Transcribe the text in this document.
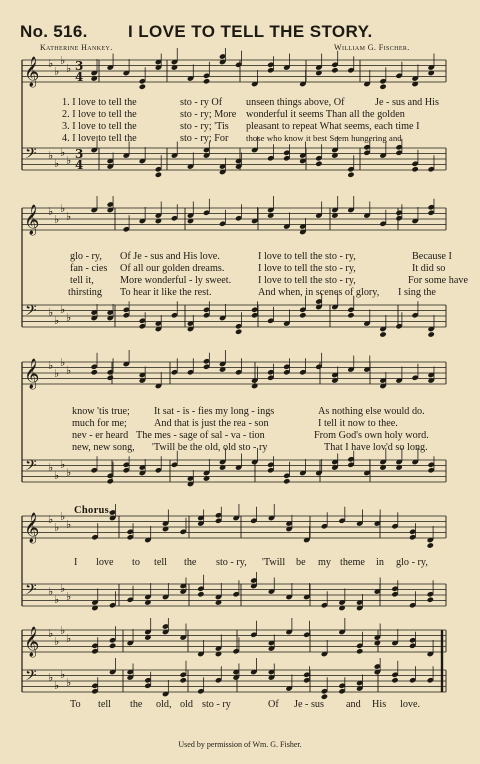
No. 516. I LOVE TO TELL THE STORY.
Katherine Hankey.	William G. Fischer.
𝄞
𝄢
♭
♭
♭
♭
♭
♭
♭
♭
3
3
4
4
𝄞
𝄢
♭
♭
♭
♭
♭
♭
♭
♭
𝄞
𝄢
♭
♭
♭
♭
♭
♭
♭
♭
𝄞
𝄢
♭
♭
♭
♭
♭
♭
♭
♭
𝄞
𝄢
♭
♭
♭
♭
♭
♭
♭
♭
1. I love to tell the	sto - ry Of unseen things above, Of	Je - sus and His
2. I love to tell the	sto - ry; More wonderful it seems Than all the golden
3. I love to tell the	sto - ry; 'Tis pleasant to repeat What seems, each time I
4. I love to tell the	sto - ry; For those who know it best Seem hungering and
glo - ry, Of Je - sus and His love.	I love to tell the sto - ry,	Because I
fan - cies Of all our golden dreams.	I love to tell the sto - ry,	It did so
tell it,	More wonderful - ly sweet.	I love to tell the sto - ry,	For some have
thirsting To hear it like the rest.	And when, in scenes of glory, I sing the
know 'tis true; It sat - is - fies my long - ings	As nothing else would do.
much for me;	And that is just the rea - son	I tell it now to thee.
nev - er heard The mes - sage of sal - va - tion	From God's own holy word.
new, new song, 'Twill be the old, old sto - ry	That I have lov'd so long.
Chorus.
I love to tell the sto - ry, 'Twill be my theme in glo - ry,
To tell the old, old sto - ry	Of Je - sus and His love.
Used by permission of Wm. G. Fisher.
